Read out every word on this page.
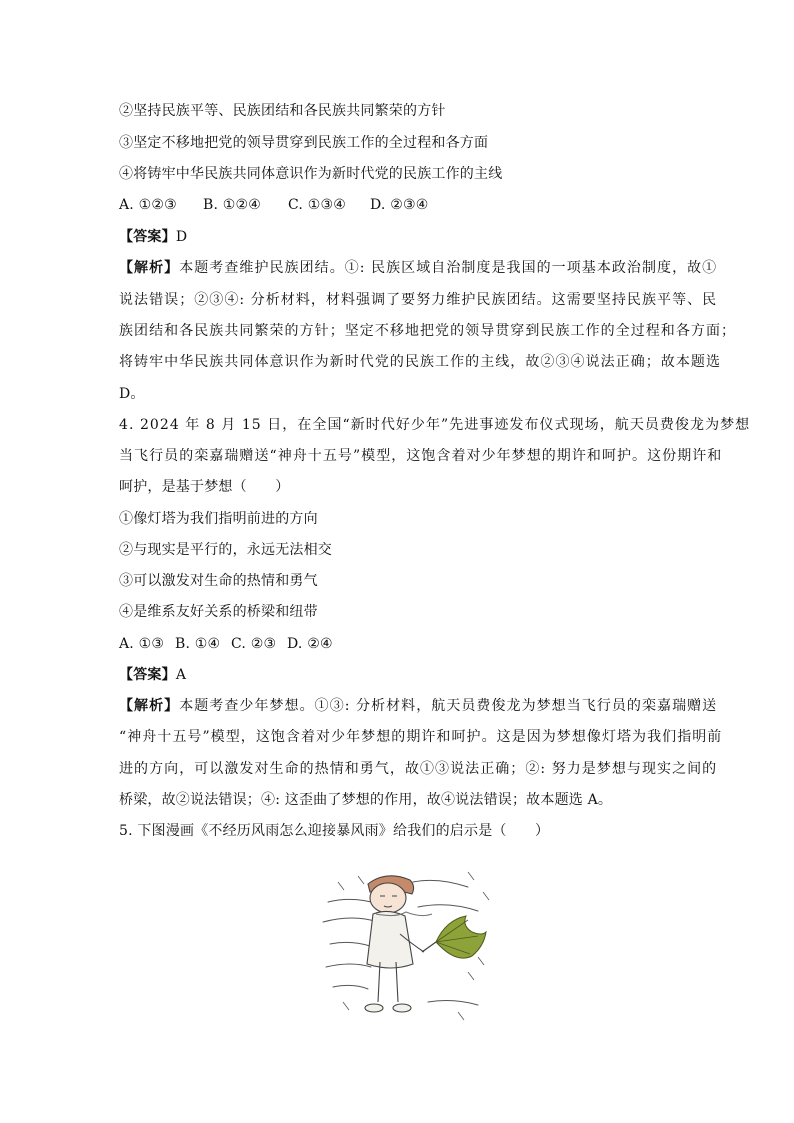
②坚持民族平等、民族团结和各民族共同繁荣的方针
③坚定不移地把党的领导贯穿到民族工作的全过程和各方面
④将铸牢中华民族共同体意识作为新时代党的民族工作的主线
A. ①②③ B. ①②④ C. ①③④ D. ②③④
【答案】D
【解析】本题考查维护民族团结。①: 民族区域自治制度是我国的一项基本政治制度，故①
说法错误；②③④: 分析材料，材料强调了要努力维护民族团结。这需要坚持民族平等、民
族团结和各民族共同繁荣的方针；坚定不移地把党的领导贯穿到民族工作的全过程和各方面；
将铸牢中华民族共同体意识作为新时代党的民族工作的主线，故②③④说法正确；故本题选
D。
4. 2024 年 8 月 15 日，在全国“新时代好少年”先进事迹发布仪式现场，航天员费俊龙为梦想
当飞行员的栾嘉瑞赠送“神舟十五号”模型，这饱含着对少年梦想的期许和呵护。这份期许和
呵护，是基于梦想（　　）
①像灯塔为我们指明前进的方向
②与现实是平行的，永远无法相交
③可以激发对生命的热情和勇气
④是维系友好关系的桥梁和纽带
A. ①③ B. ①④ C. ②③ D. ②④
【答案】A
【解析】本题考查少年梦想。①③: 分析材料，航天员费俊龙为梦想当飞行员的栾嘉瑞赠送
“神舟十五号”模型，这饱含着对少年梦想的期许和呵护。这是因为梦想像灯塔为我们指明前
进的方向，可以激发对生命的热情和勇气，故①③说法正确；②: 努力是梦想与现实之间的
桥梁，故②说法错误；④: 这歪曲了梦想的作用，故④说法错误；故本题选 A。
5. 下图漫画《不经历风雨怎么迎接暴风雨》给我们的启示是（　　）
